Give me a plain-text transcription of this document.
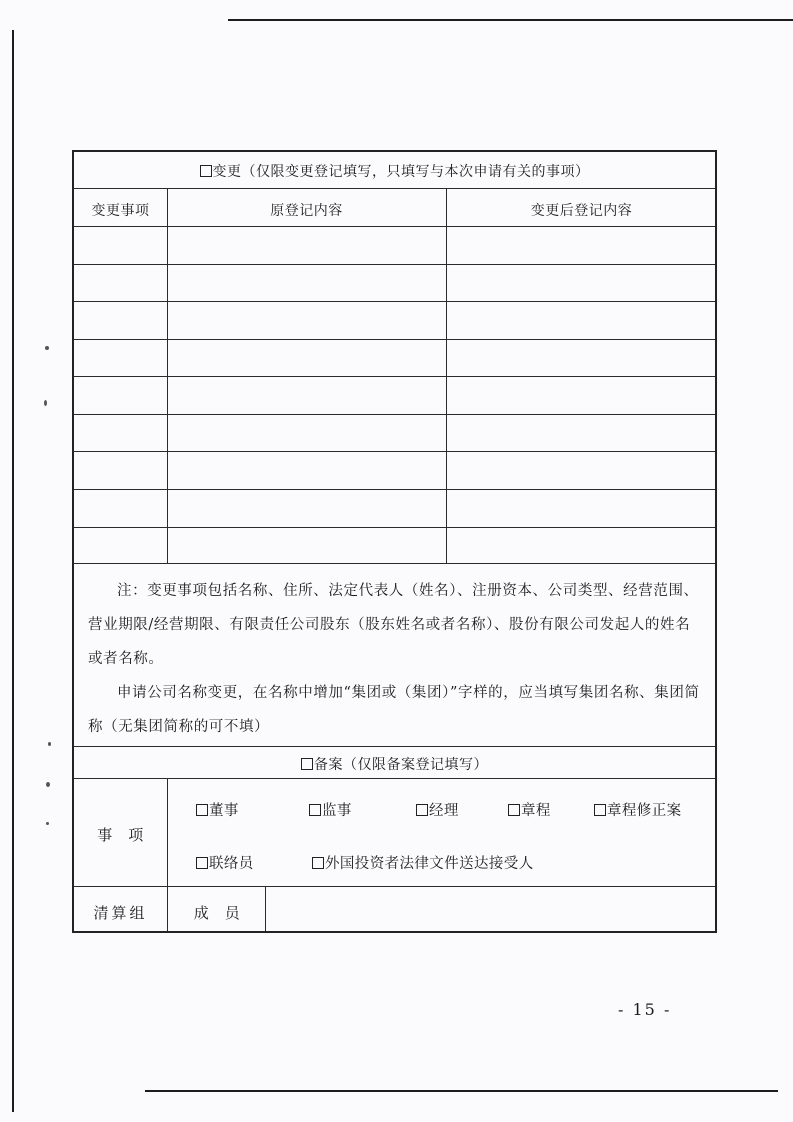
变更（仅限变更登记填写，只填写与本次申请有关的事项）
变更事项	原登记内容	变更后登记内容

注：变更事项包括名称、住所、法定代表人（姓名）、注册资本、公司类型、经营范围、营业期限/经营期限、有限责任公司股东（股东姓名或者名称）、股份有限公司发起人的姓名或者名称。

申请公司名称变更，在名称中增加“集团或（集团）”字样的，应当填写集团名称、集团简称（无集团简称的可不填）

备案（仅限备案登记填写）
事　项
董事	监事	经理	章程	章程修正案
联络员	外国投资者法律文件送达接受人
清算组	成　员
- 15 -
